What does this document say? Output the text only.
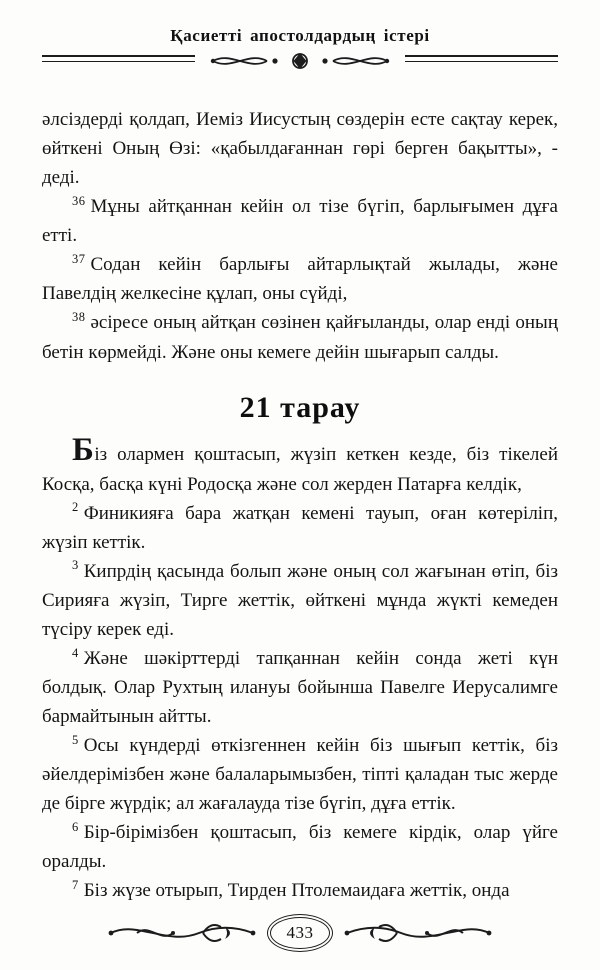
Қасиетті апостолдардың істері

әлсіздерді қолдап, Иеміз Иисустың сөздерін есте сақтау керек, өйткені Оның Өзі: «қабылдағаннан гөрі берген бақытты», - деді.

$^{36}$ Мұны айтқаннан кейін ол тізе бүгіп, барлығымен дұға етті.

$^{37}$ Содан кейін барлығы айтарлықтай жылады, және Павелдің желкесіне құлап, оны сүйді,

$^{38}$ әсіресе оның айтқан сөзінен қайғыланды, олар енді оның бетін көрмейді. Және оны кемеге дейін шығарып салды.

21 тарау

Біз олармен қоштасып, жүзіп кеткен кезде, біз тікелей Косқа, басқа күні Родосқа және сол жерден Патарға келдік,

$^2$ Финикияға бара жатқан кемені тауып, оған көтеріліп, жүзіп кеттік.

$^3$ Кипрдің қасында болып және оның сол жағынан өтіп, біз Сирияға жүзіп, Тирге жеттік, өйткені мұнда жүкті кемеден түсіру керек еді.

$^4$ Және шәкірттерді тапқаннан кейін сонда жеті күн болдық. Олар Рухтың илануы бойынша Павелге Иерусалимге бармайтынын айтты.

$^5$ Осы күндерді өткізгеннен кейін біз шығып кеттік, біз әйелдерімізбен және балаларымызбен, тіпті қаладан тыс жерде де бірге жүрдік; ал жағалауда тізе бүгіп, дұға еттік.

$^6$ Бір-бірімізбен қоштасып, біз кемеге кірдік, олар үйге оралды.

$^7$ Біз жүзе отырып, Тирден Птолемаидаға жеттік, онда

433
